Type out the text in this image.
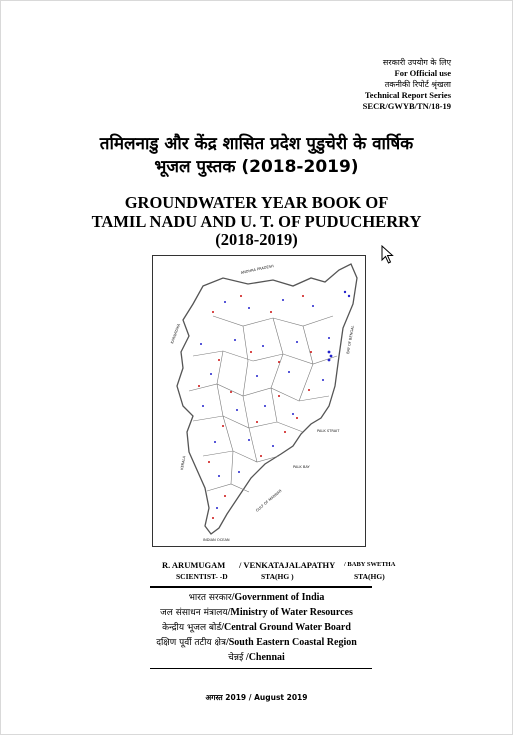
सरकारी उपयोग के लिए
For Official use
तकनीकी रिपोर्ट श्रृंखला
Technical Report Series
SECR/GWYB/TN/18-19
तमिलनाडु और केंद्र शासित प्रदेश पुडुचेरी के वार्षिक
भूजल पुस्तक (2018-2019)
GROUNDWATER YEAR BOOK OF
TAMIL NADU AND U. T. OF PUDUCHERRY
(2018-2019)
ANDHRA PRADESH
KARNATAKA	BAY OF BENGAL
KERALA
PALK STRAIT
PALK BAY
GULF OF MANNAR
INDIAN OCEAN
R. ARUMUGAM
SCIENTIST- -D
/ VENKATAJALAPATHY
STA(HG )
/ BABY SWETHA
STA(HG)
भारत सरकार/Government of India
जल संसाधन मंत्रालय/Ministry of Water Resources
केन्द्रीय भूजल बोर्ड/Central Ground Water Board
दक्षिण पूर्वी तटीय क्षेत्र/South Eastern Coastal Region
चेन्नई /Chennai
अगस्त 2019 / August 2019
